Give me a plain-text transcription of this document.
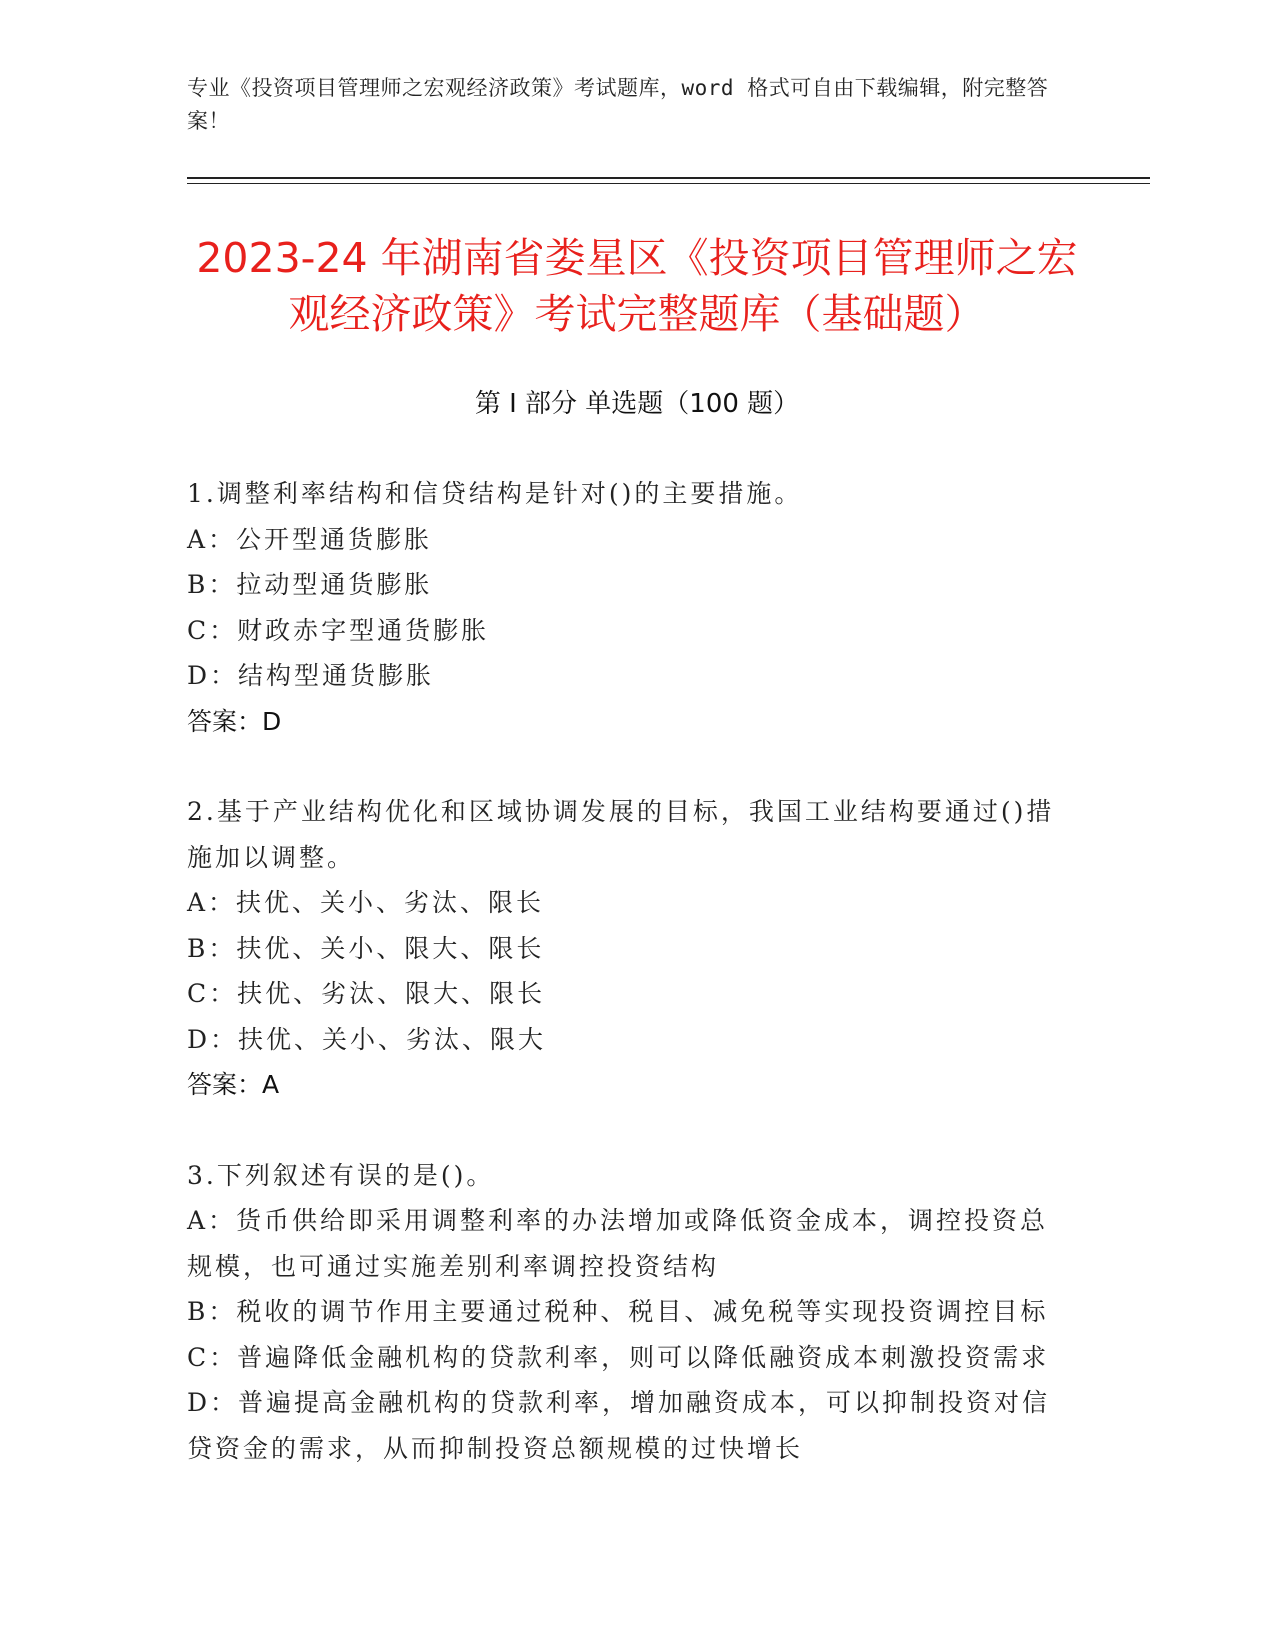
专业《投资项目管理师之宏观经济政策》考试题库，word 格式可自由下载编辑，附完整答案！
2023-24 年湖南省娄星区《投资项目管理师之宏观经济政策》考试完整题库（基础题）
第 I 部分 单选题（100 题）
1.调整利率结构和信贷结构是针对()的主要措施。
A：公开型通货膨胀
B：拉动型通货膨胀
C：财政赤字型通货膨胀
D：结构型通货膨胀
答案：D
2.基于产业结构优化和区域协调发展的目标，我国工业结构要通过()措施加以调整。
A：扶优、关小、劣汰、限长
B：扶优、关小、限大、限长
C：扶优、劣汰、限大、限长
D：扶优、关小、劣汰、限大
答案：A
3.下列叙述有误的是()。
A：货币供给即采用调整利率的办法增加或降低资金成本，调控投资总规模，也可通过实施差别利率调控投资结构
B：税收的调节作用主要通过税种、税目、减免税等实现投资调控目标
C：普遍降低金融机构的贷款利率，则可以降低融资成本刺激投资需求
D：普遍提高金融机构的贷款利率，增加融资成本，可以抑制投资对信贷资金的需求，从而抑制投资总额规模的过快增长
